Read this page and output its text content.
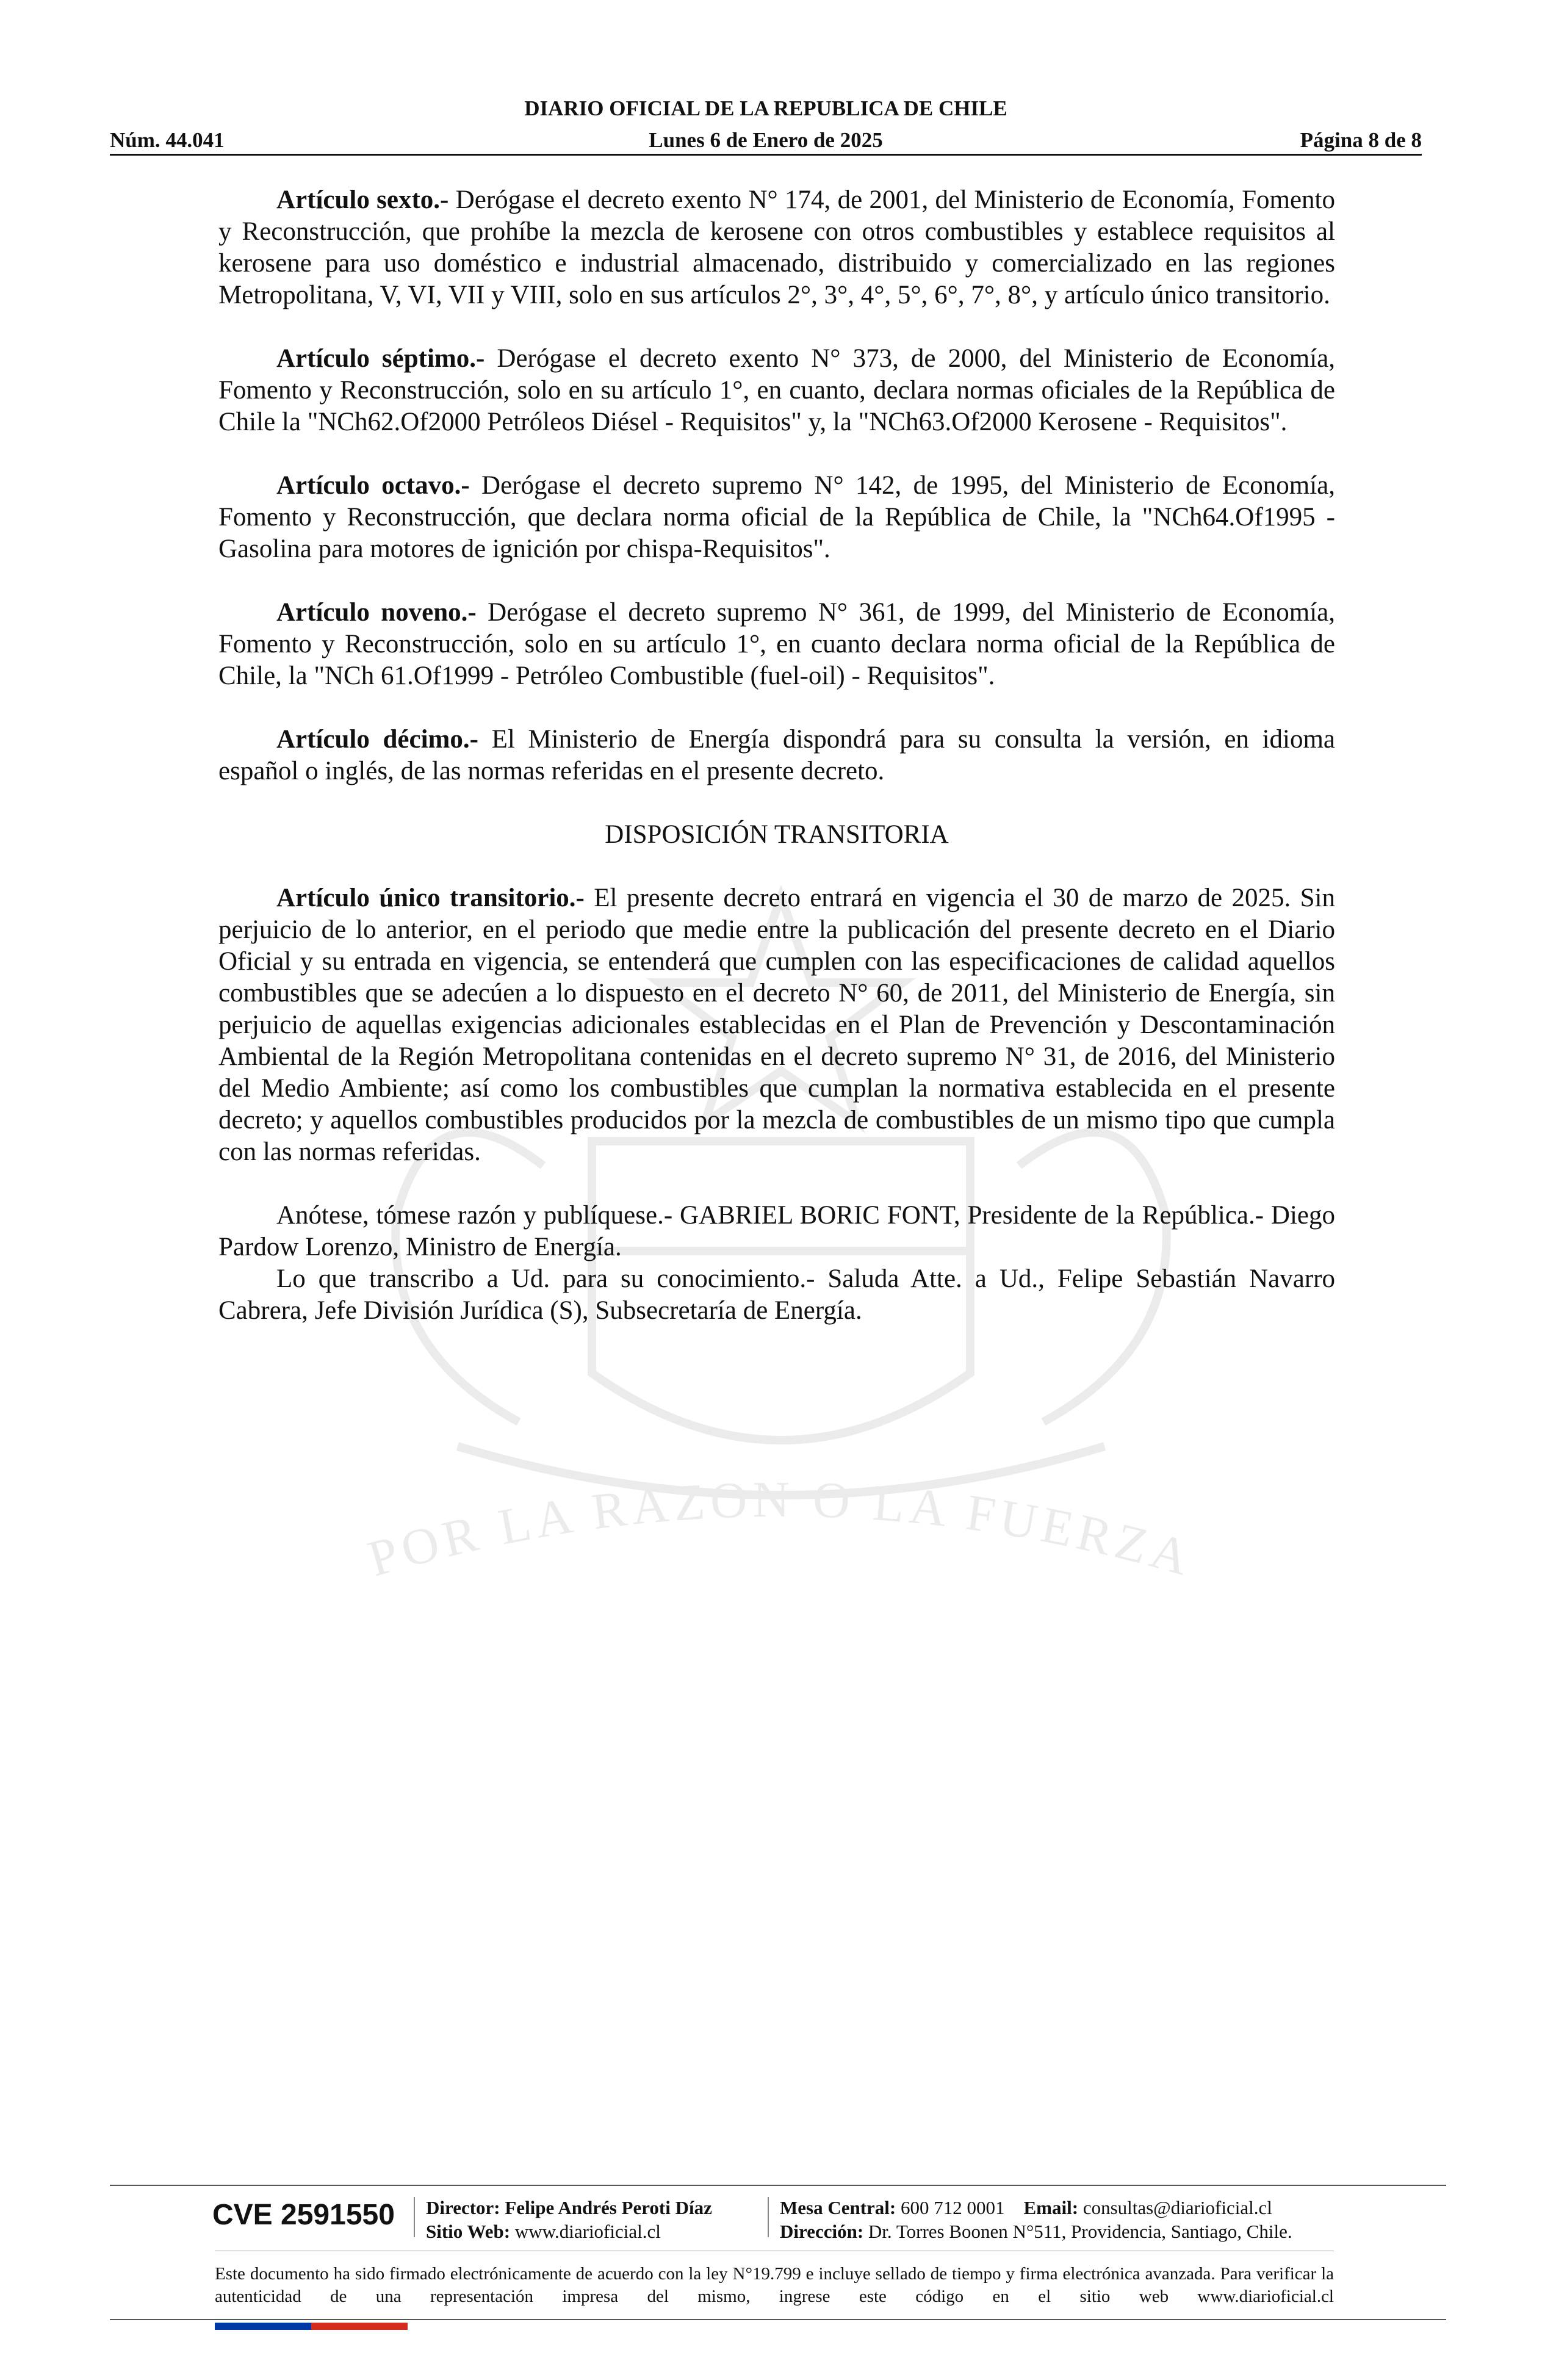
DIARIO OFICIAL DE LA REPUBLICA DE CHILE
Núm. 44.041	Lunes 6 de Enero de 2025	Página 8 de 8
POR LA RAZON O LA FUERZA

Artículo sexto.- Derógase el decreto exento N° 174, de 2001, del Ministerio de Economía, Fomento y Reconstrucción, que prohíbe la mezcla de kerosene con otros combustibles y establece requisitos al kerosene para uso doméstico e industrial almacenado, distribuido y comercializado en las regiones Metropolitana, V, VI, VII y VIII, solo en sus artículos 2°, 3°, 4°, 5°, 6°, 7°, 8°, y artículo único transitorio.

Artículo séptimo.- Derógase el decreto exento N° 373, de 2000, del Ministerio de Economía, Fomento y Reconstrucción, solo en su artículo 1°, en cuanto, declara normas oficiales de la República de Chile la "NCh62.Of2000 Petróleos Diésel - Requisitos" y, la "NCh63.Of2000 Kerosene - Requisitos".

Artículo octavo.- Derógase el decreto supremo N° 142, de 1995, del Ministerio de Economía, Fomento y Reconstrucción, que declara norma oficial de la República de Chile, la "NCh64.Of1995 - Gasolina para motores de ignición por chispa-Requisitos".

Artículo noveno.- Derógase el decreto supremo N° 361, de 1999, del Ministerio de Economía, Fomento y Reconstrucción, solo en su artículo 1°, en cuanto declara norma oficial de la República de Chile, la "NCh 61.Of1999 - Petróleo Combustible (fuel-oil) - Requisitos".

Artículo décimo.- El Ministerio de Energía dispondrá para su consulta la versión, en idioma español o inglés, de las normas referidas en el presente decreto.

DISPOSICIÓN TRANSITORIA

Artículo único transitorio.- El presente decreto entrará en vigencia el 30 de marzo de 2025. Sin perjuicio de lo anterior, en el periodo que medie entre la publicación del presente decreto en el Diario Oficial y su entrada en vigencia, se entenderá que cumplen con las especificaciones de calidad aquellos combustibles que se adecúen a lo dispuesto en el decreto N° 60, de 2011, del Ministerio de Energía, sin perjuicio de aquellas exigencias adicionales establecidas en el Plan de Prevención y Descontaminación Ambiental de la Región Metropolitana contenidas en el decreto supremo N° 31, de 2016, del Ministerio del Medio Ambiente; así como los combustibles que cumplan la normativa establecida en el presente decreto; y aquellos combustibles producidos por la mezcla de combustibles de un mismo tipo que cumpla con las normas referidas.

Anótese, tómese razón y publíquese.- GABRIEL BORIC FONT, Presidente de la República.- Diego Pardow Lorenzo, Ministro de Energía.

Lo que transcribo a Ud. para su conocimiento.- Saluda Atte. a Ud., Felipe Sebastián Navarro Cabrera, Jefe División Jurídica (S), Subsecretaría de Energía.

CVE 2591550 Director: Felipe Andrés Peroti Díaz
Sitio Web: www.diarioficial.cl
Mesa Central: 600 712 0001 Email: consultas@diarioficial.cl
Dirección: Dr. Torres Boonen N°511, Providencia, Santiago, Chile.
Este documento ha sido firmado electrónicamente de acuerdo con la ley N°19.799 e incluye sellado de tiempo y firma electrónica avanzada. Para verificar la autenticidad de una representación impresa del mismo, ingrese este código en el sitio web www.diarioficial.cl
